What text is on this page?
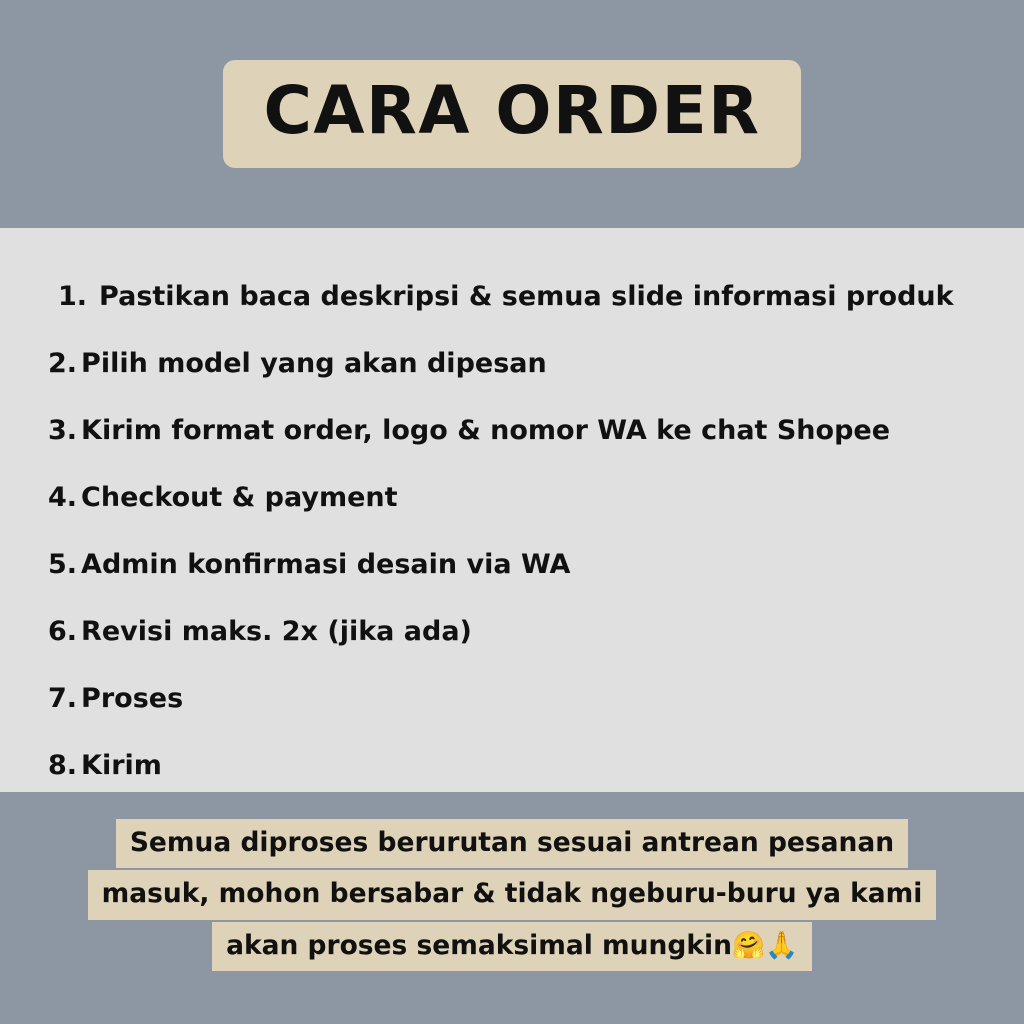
CARA ORDER
1. Pastikan baca deskripsi & semua slide informasi produk
2. Pilih model yang akan dipesan
3. Kirim format order, logo & nomor WA ke chat Shopee
4. Checkout & payment
5. Admin konfirmasi desain via WA
6. Revisi maks. 2x (jika ada)
7. Proses
8. Kirim
Semua diproses berurutan sesuai antrean pesanan
masuk, mohon bersabar & tidak ngeburu-buru ya kami
akan proses semaksimal mungkin🤗🙏
